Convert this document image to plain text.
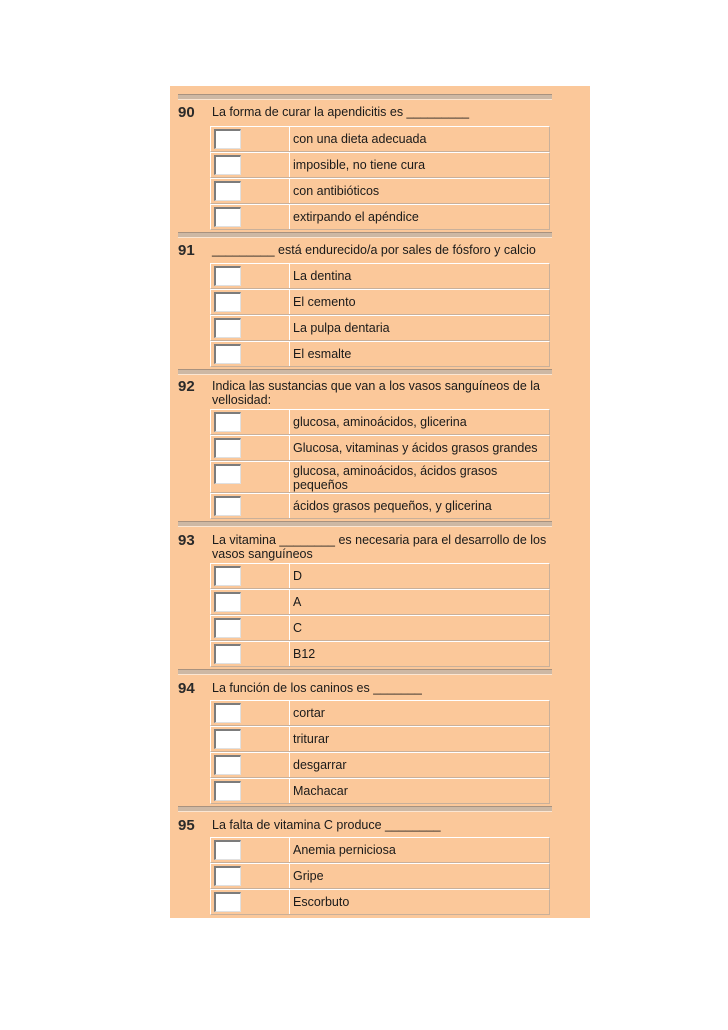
90 La forma de curar la apendicitis es _________
con una dieta adecuada
imposible, no tiene cura
con antibióticos
extirpando el apéndice
91 _________ está endurecido/a por sales de fósforo y calcio
La dentina
El cemento
La pulpa dentaria
El esmalte
92 Indica las sustancias que van a los vasos sanguíneos de la vellosidad:
glucosa, aminoácidos, glicerina
Glucosa, vitaminas y ácidos grasos grandes
glucosa, aminoácidos, ácidos grasos pequeños
ácidos grasos pequeños, y glicerina
93 La vitamina ________ es necesaria para el desarrollo de los vasos sanguíneos
D
A
C
B12
94 La función de los caninos es _______
cortar
triturar
desgarrar
Machacar
95 La falta de vitamina C produce ________
Anemia perniciosa
Gripe
Escorbuto
